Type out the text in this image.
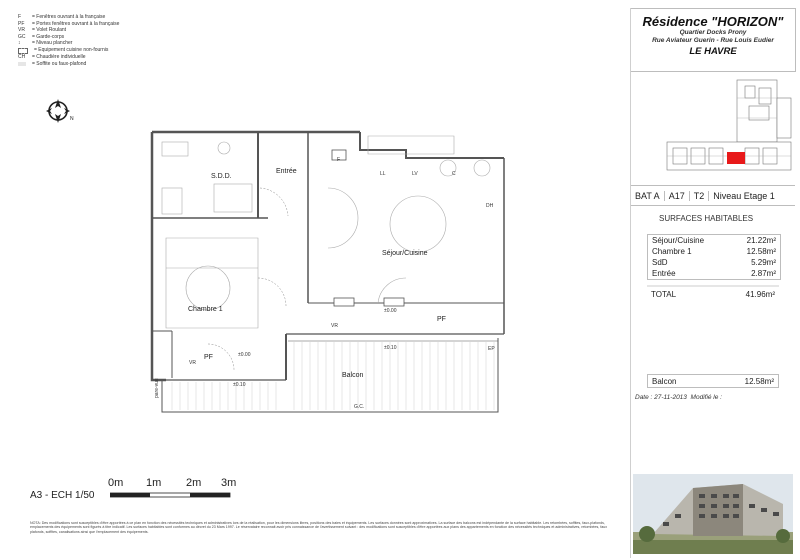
F	= Fenêtres ouvrant à la française
PF	= Portes fenêtres ouvrant à la française
VR	= Volet Roulant
GC	= Garde-corps
↕	= Niveau plancher
= Equipement cuisine non-fournis
CH	= Chaudière individuelle
= Soffite ou faux-plafond
N
S.D.D.
Entrée
Séjour/Cuisine
Chambre 1
Balcon
F
LL	LV	C
DH
VR
VR
PF
PF
EP
±0.00
±0.00
±0.10
±0.10
G.C.
pare-vue
0m 1m 2m 3m
A3 - ECH 1/50
NOTA: Des modifications sont susceptibles d'être apportées à ce plan en fonction des nécessités techniques et administratives lors de la réalisation, pour les dimensions libres, positions des baies et équipements. Les surfaces données sont approximatives. La surface des balcons est indépendante de la surface habitable. Les retombées, soffites, faux-plafonds, emplacements des équipements sont figurés à titre indicatif. Les surfaces habitables sont conformes au décret du 23 Mars 1997. Le réservataire reconnait avoir pris connaissance de l'avertissement suivant : des modifications sont susceptibles d'être apportées aux plans des appartements en fonction des nécessités techniques et administratives, retombées, faux plafonds, soffites, canalisations ainsi que l'emplacement des équipements.
Résidence "HORIZON"
Quartier Docks Prony
Rue Aviateur Guerin - Rue Louis Eudier
LE HAVRE
BAT A	A17	T2	Niveau Etage 1
SURFACES HABITABLES
Séjour/Cuisine	21.22m²
Chambre 1	12.58m²
SdD	5.29m²
Entrée	2.87m²
TOTAL	41.96m²
Balcon	12.58m²
Date : 27-11-2013 Modifié le :
